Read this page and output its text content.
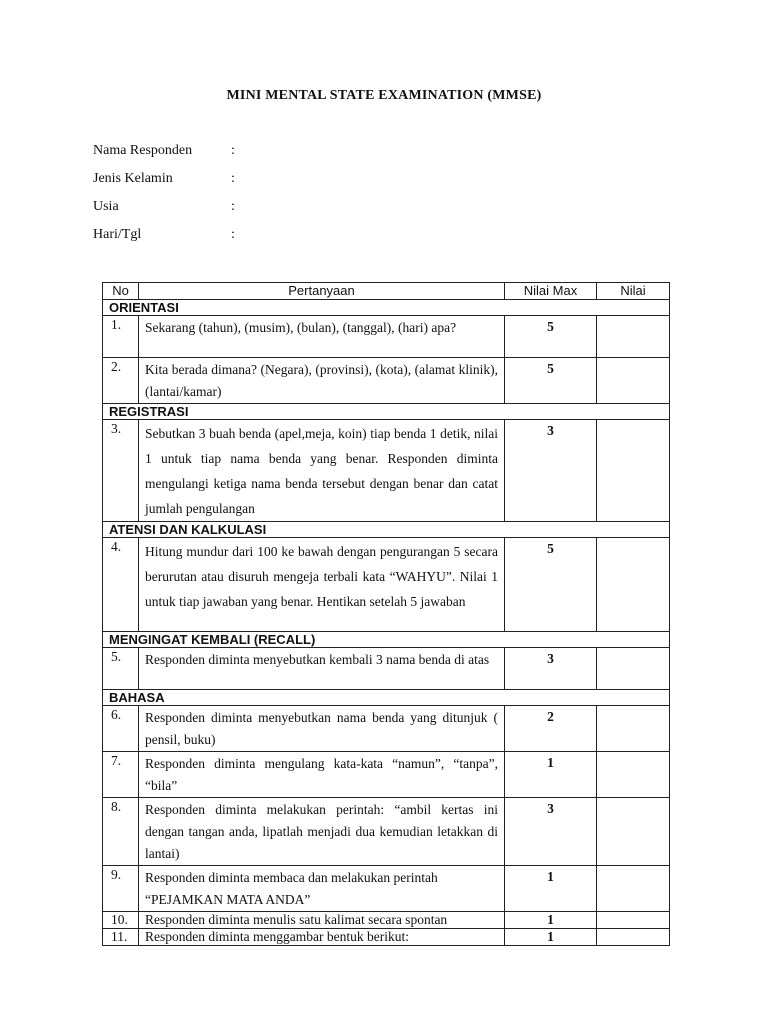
MINI MENTAL STATE EXAMINATION (MMSE)
Nama Responden	:
Jenis Kelamin	:
Usia	:
Hari/Tgl	:
No	Pertanyaan	Nilai Max	Nilai
ORIENTASI			
1.	Sekarang (tahun), (musim), (bulan), (tanggal), (hari) apa?	5	
2.	Kita berada dimana? (Negara), (provinsi), (kota), (alamat klinik), (lantai/kamar)	5	
REGISTRASI			
3.	Sebutkan 3 buah benda (apel,meja, koin) tiap benda 1 detik, nilai 1 untuk tiap nama benda yang benar. Responden diminta mengulangi ketiga nama benda tersebut dengan benar dan catat jumlah pengulangan	3	
ATENSI DAN KALKULASI			
4.	Hitung mundur dari 100 ke bawah dengan pengurangan 5 secara berurutan atau disuruh mengeja terbali kata “WAHYU”. Nilai 1 untuk tiap jawaban yang benar. Hentikan setelah 5 jawaban	5	
MENGINGAT KEMBALI (RECALL)			
5.	Responden diminta menyebutkan kembali 3 nama benda di atas	3	
BAHASA			
6.	Responden diminta menyebutkan nama benda yang ditunjuk ( pensil, buku)	2	
7.	Responden diminta mengulang kata-kata “namun”, “tanpa”, “bila”	1	
8.	Responden diminta melakukan perintah: “ambil kertas ini dengan tangan anda, lipatlah menjadi dua kemudian letakkan di lantai)	3	
9.	Responden diminta membaca dan melakukan perintah “PEJAMKAN MATA ANDA”	1	
10.	Responden diminta menulis satu kalimat secara spontan	1	
11.	Responden diminta menggambar bentuk berikut:	1	
